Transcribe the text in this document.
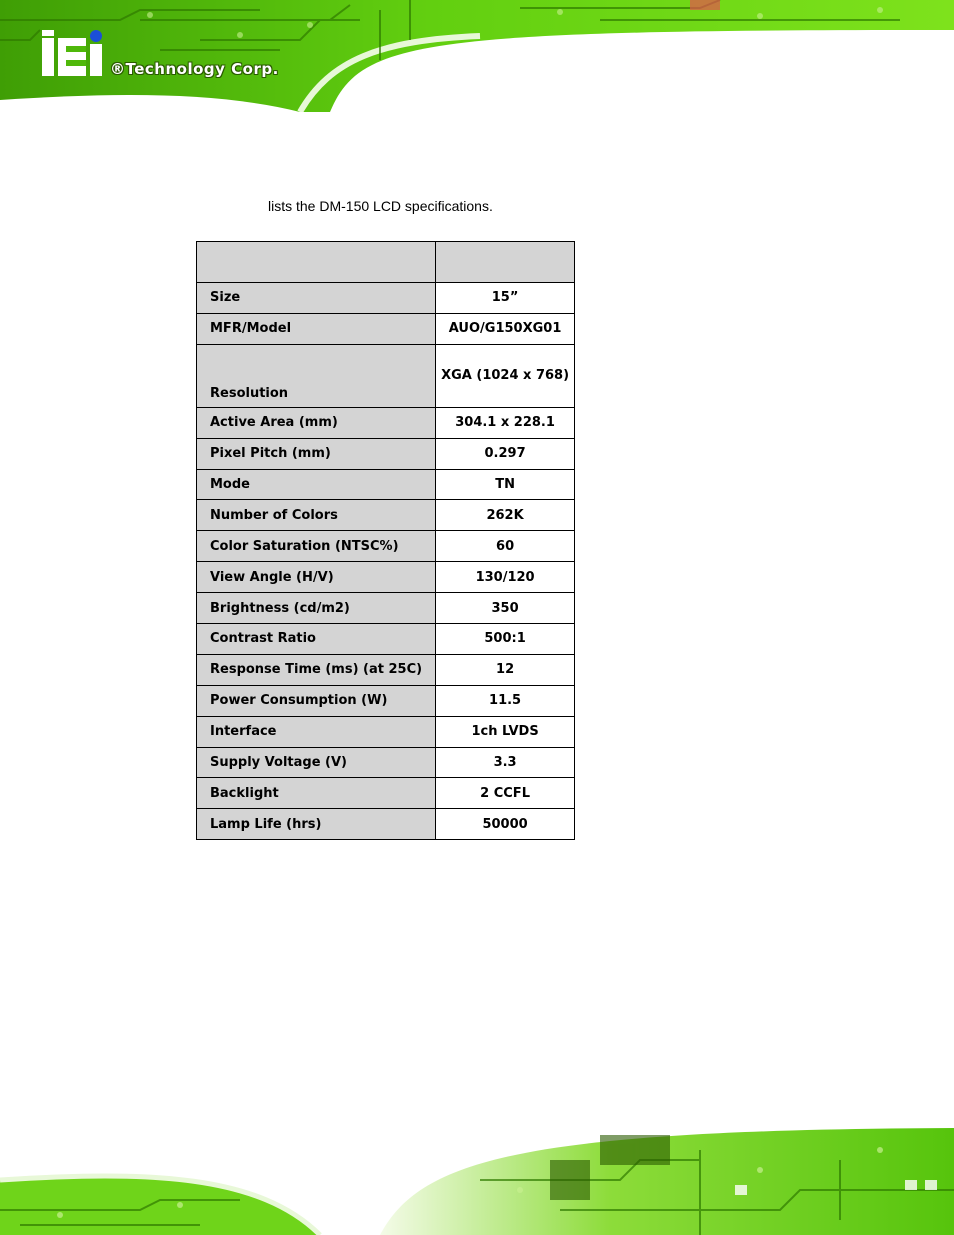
®Technology Corp.
lists the DM-150 LCD specifications.

Size	15”
MFR/Model	AUO/G150XG01
Resolution	XGA (1024 x 768)
Active Area (mm)	304.1 x 228.1
Pixel Pitch (mm)	0.297
Mode	TN
Number of Colors	262K
Color Saturation (NTSC%)	60
View Angle (H/V)	130/120
Brightness (cd/m2)	350
Contrast Ratio	500:1
Response Time (ms) (at 25C)	12
Power Consumption (W)	11.5
Interface	1ch LVDS
Supply Voltage (V)	3.3
Backlight	2 CCFL
Lamp Life (hrs)	50000
